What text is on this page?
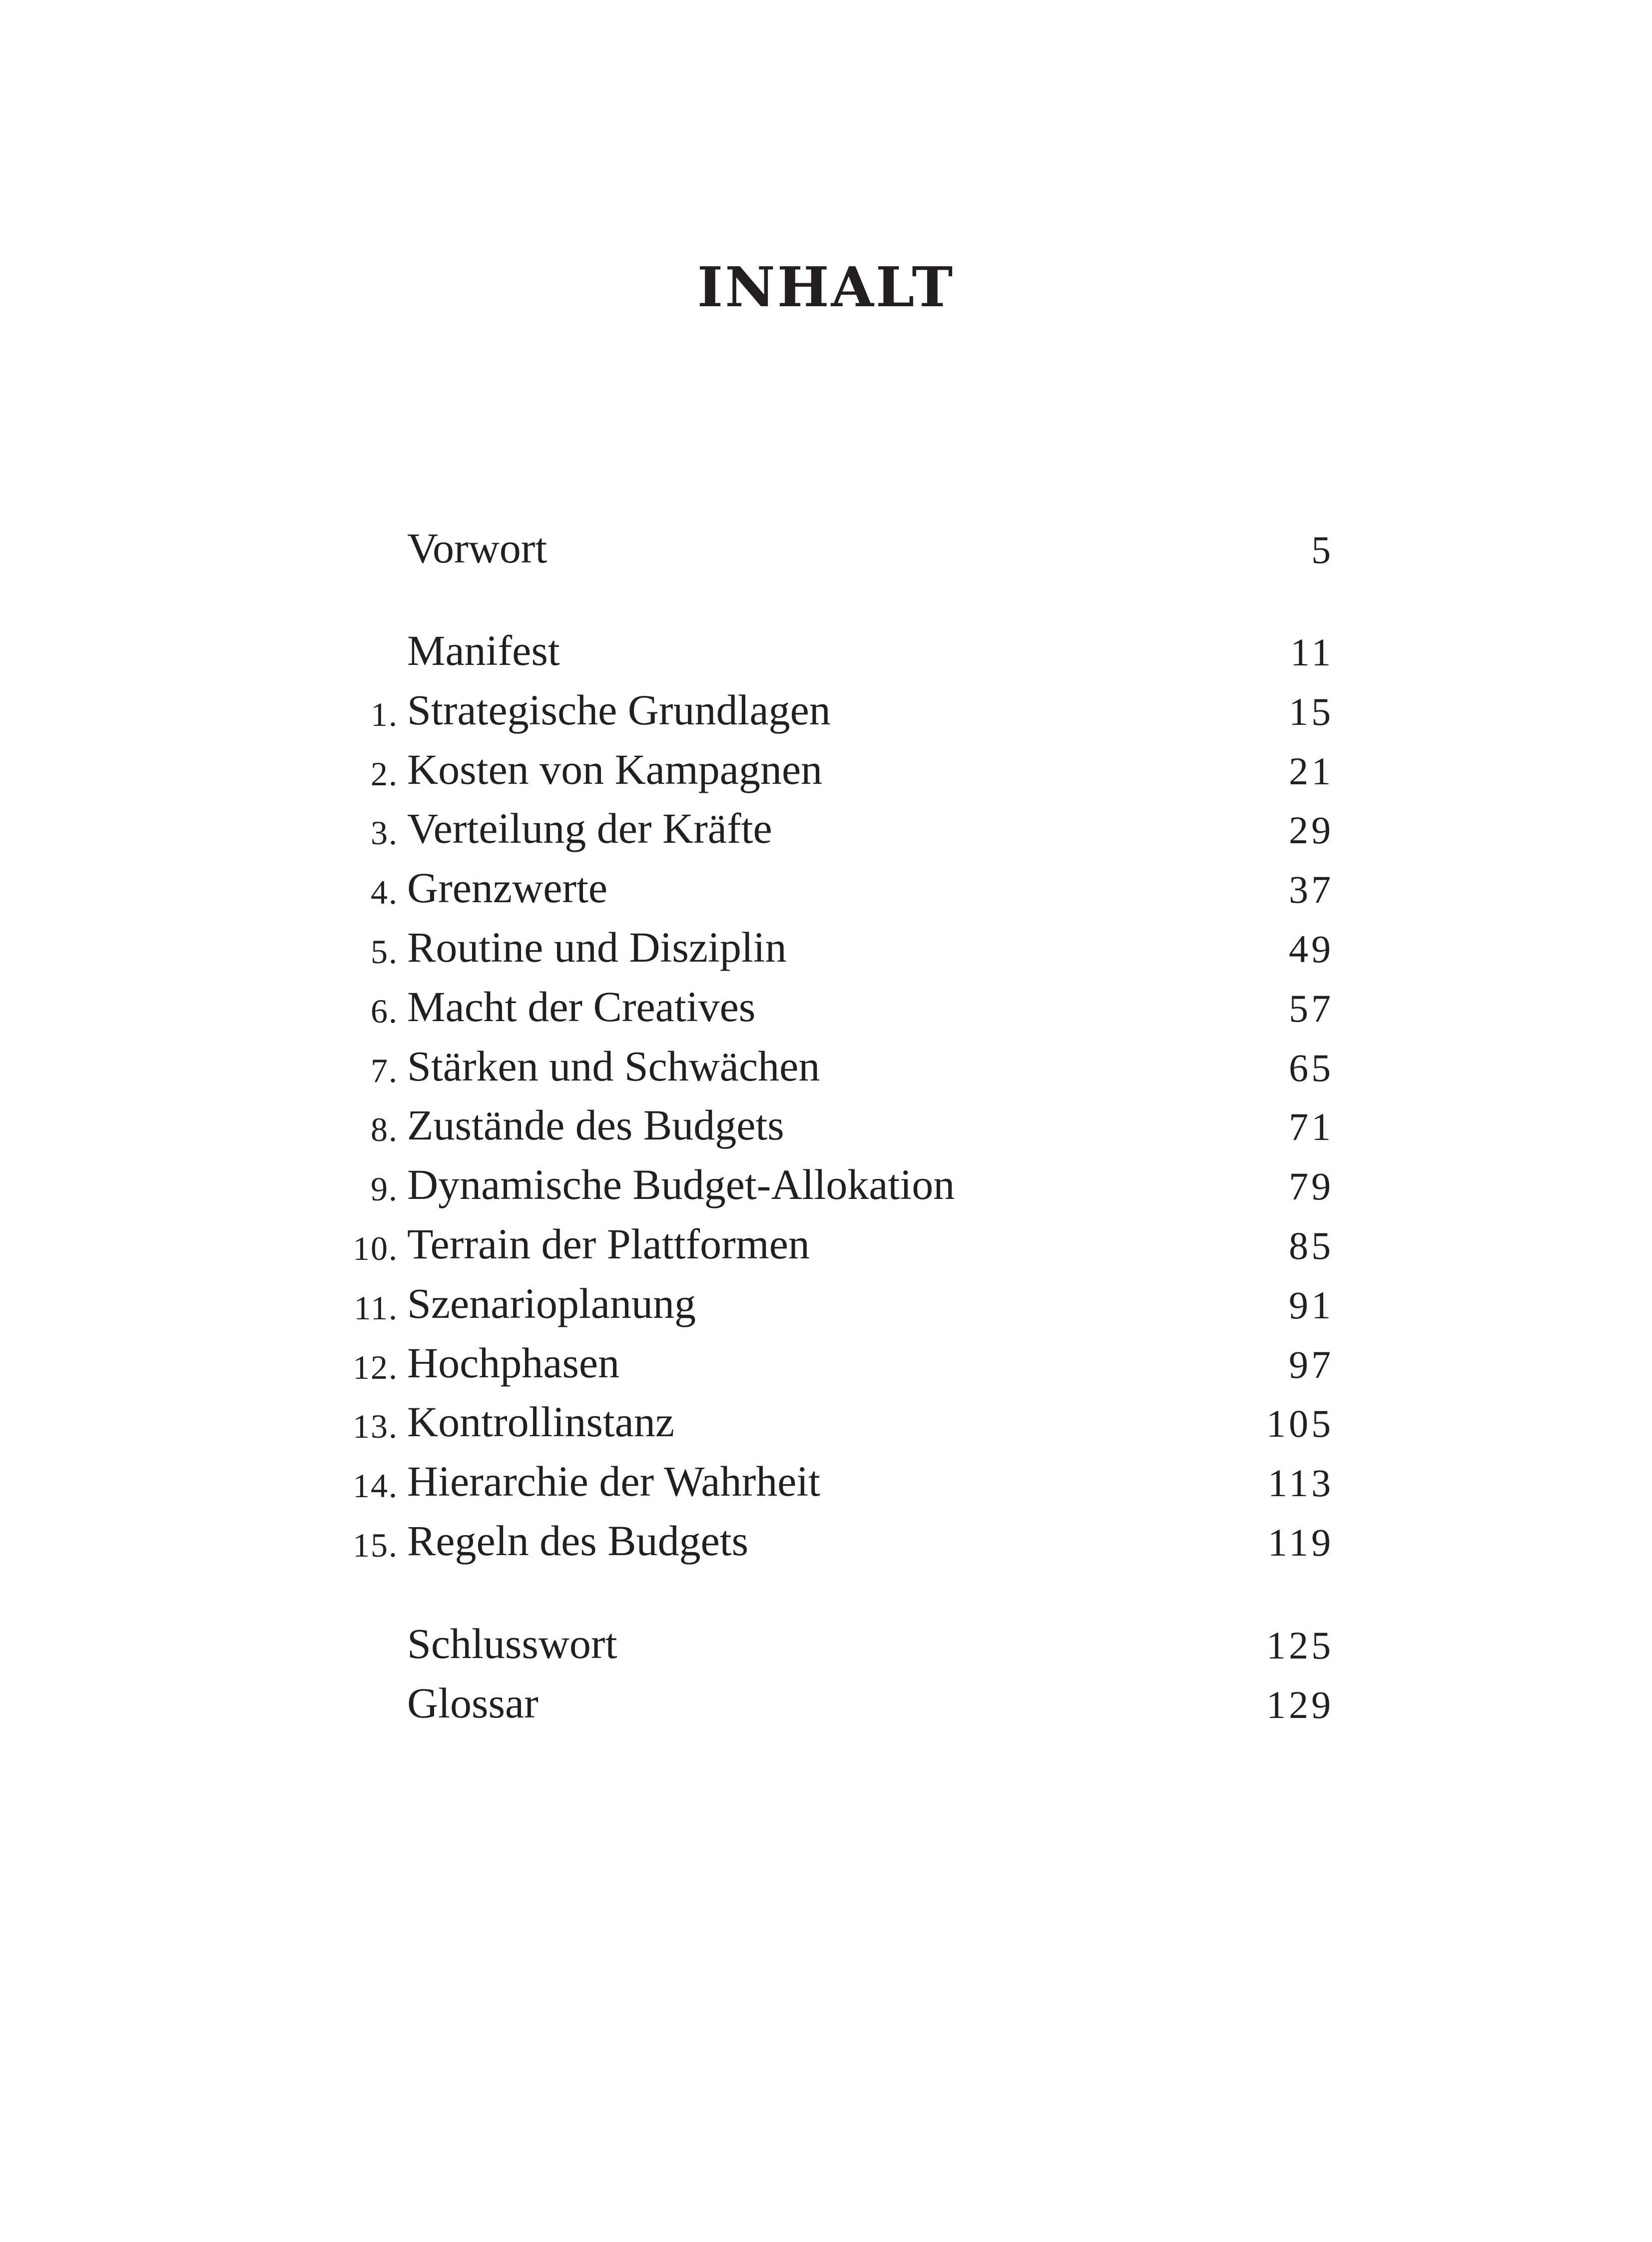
INHALT
Vorwort	5
Manifest	11
1. Strategische Grundlagen	15
2. Kosten von Kampagnen	21
3. Verteilung der Kräfte	29
4. Grenzwerte	37
5. Routine und Disziplin	49
6. Macht der Creatives	57
7. Stärken und Schwächen	65
8. Zustände des Budgets	71
9. Dynamische Budget-Allokation	79
10. Terrain der Plattformen	85
11. Szenarioplanung	91
12. Hochphasen	97
13. Kontrollinstanz	105
14. Hierarchie der Wahrheit	113
15. Regeln des Budgets	119
Schlusswort	125
Glossar	129
